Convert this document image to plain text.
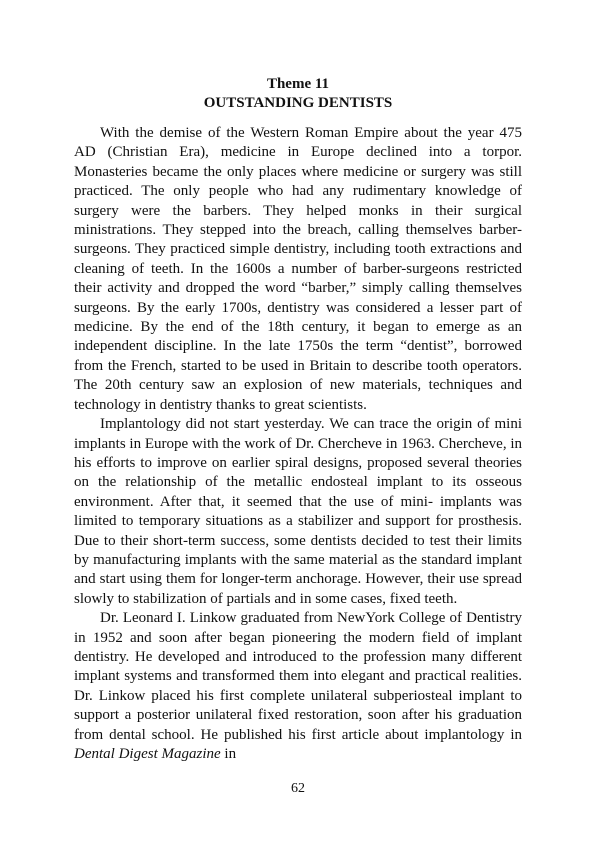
Theme 11
OUTSTANDING DENTISTS

With the demise of the Western Roman Empire about the year 475 AD (Christian Era), medicine in Europe declined into a torpor. Monasteries became the only places where medicine or surgery was still practiced. The only people who had any rudimentary knowledge of surgery were the barbers. They helped monks in their surgical ministrations. They stepped into the breach, calling themselves barber-surgeons. They practiced simple dentistry, including tooth extractions and cleaning of teeth. In the 1600s a number of barber-surgeons restricted their activity and dropped the word “barber,” simply calling themselves surgeons. By the early 1700s, dentistry was considered a lesser part of medicine. By the end of the 18th century, it began to emerge as an independent discipline. In the late 1750s the term “dentist”, borrowed from the French, started to be used in Britain to describe tooth operators. The 20th century saw an explosion of new materials, techniques and technology in dentistry thanks to great scientists.

Implantology did not start yesterday. We can trace the origin of mini implants in Europe with the work of Dr. Chercheve in 1963. Chercheve, in his efforts to improve on earlier spiral designs, proposed several theories on the relationship of the metallic endosteal implant to its osseous environment. After that, it seemed that the use of mini- implants was limited to temporary situations as a stabilizer and support for prosthesis. Due to their short-term success, some dentists decided to test their limits by manufacturing implants with the same material as the standard implant and start using them for longer-term anchorage. However, their use spread slowly to stabilization of partials and in some cases, fixed teeth.

Dr. Leonard I. Linkow graduated from NewYork College of Dentistry in 1952 and soon after began pioneering the modern field of implant dentistry. He developed and introduced to the profession many different implant systems and transformed them into elegant and practical realities. Dr. Linkow placed his first complete unilateral subperiosteal implant to support a posterior unilateral fixed restoration, soon after his graduation from dental school. He published his first article about implantology in Dental Digest Magazine in

62
